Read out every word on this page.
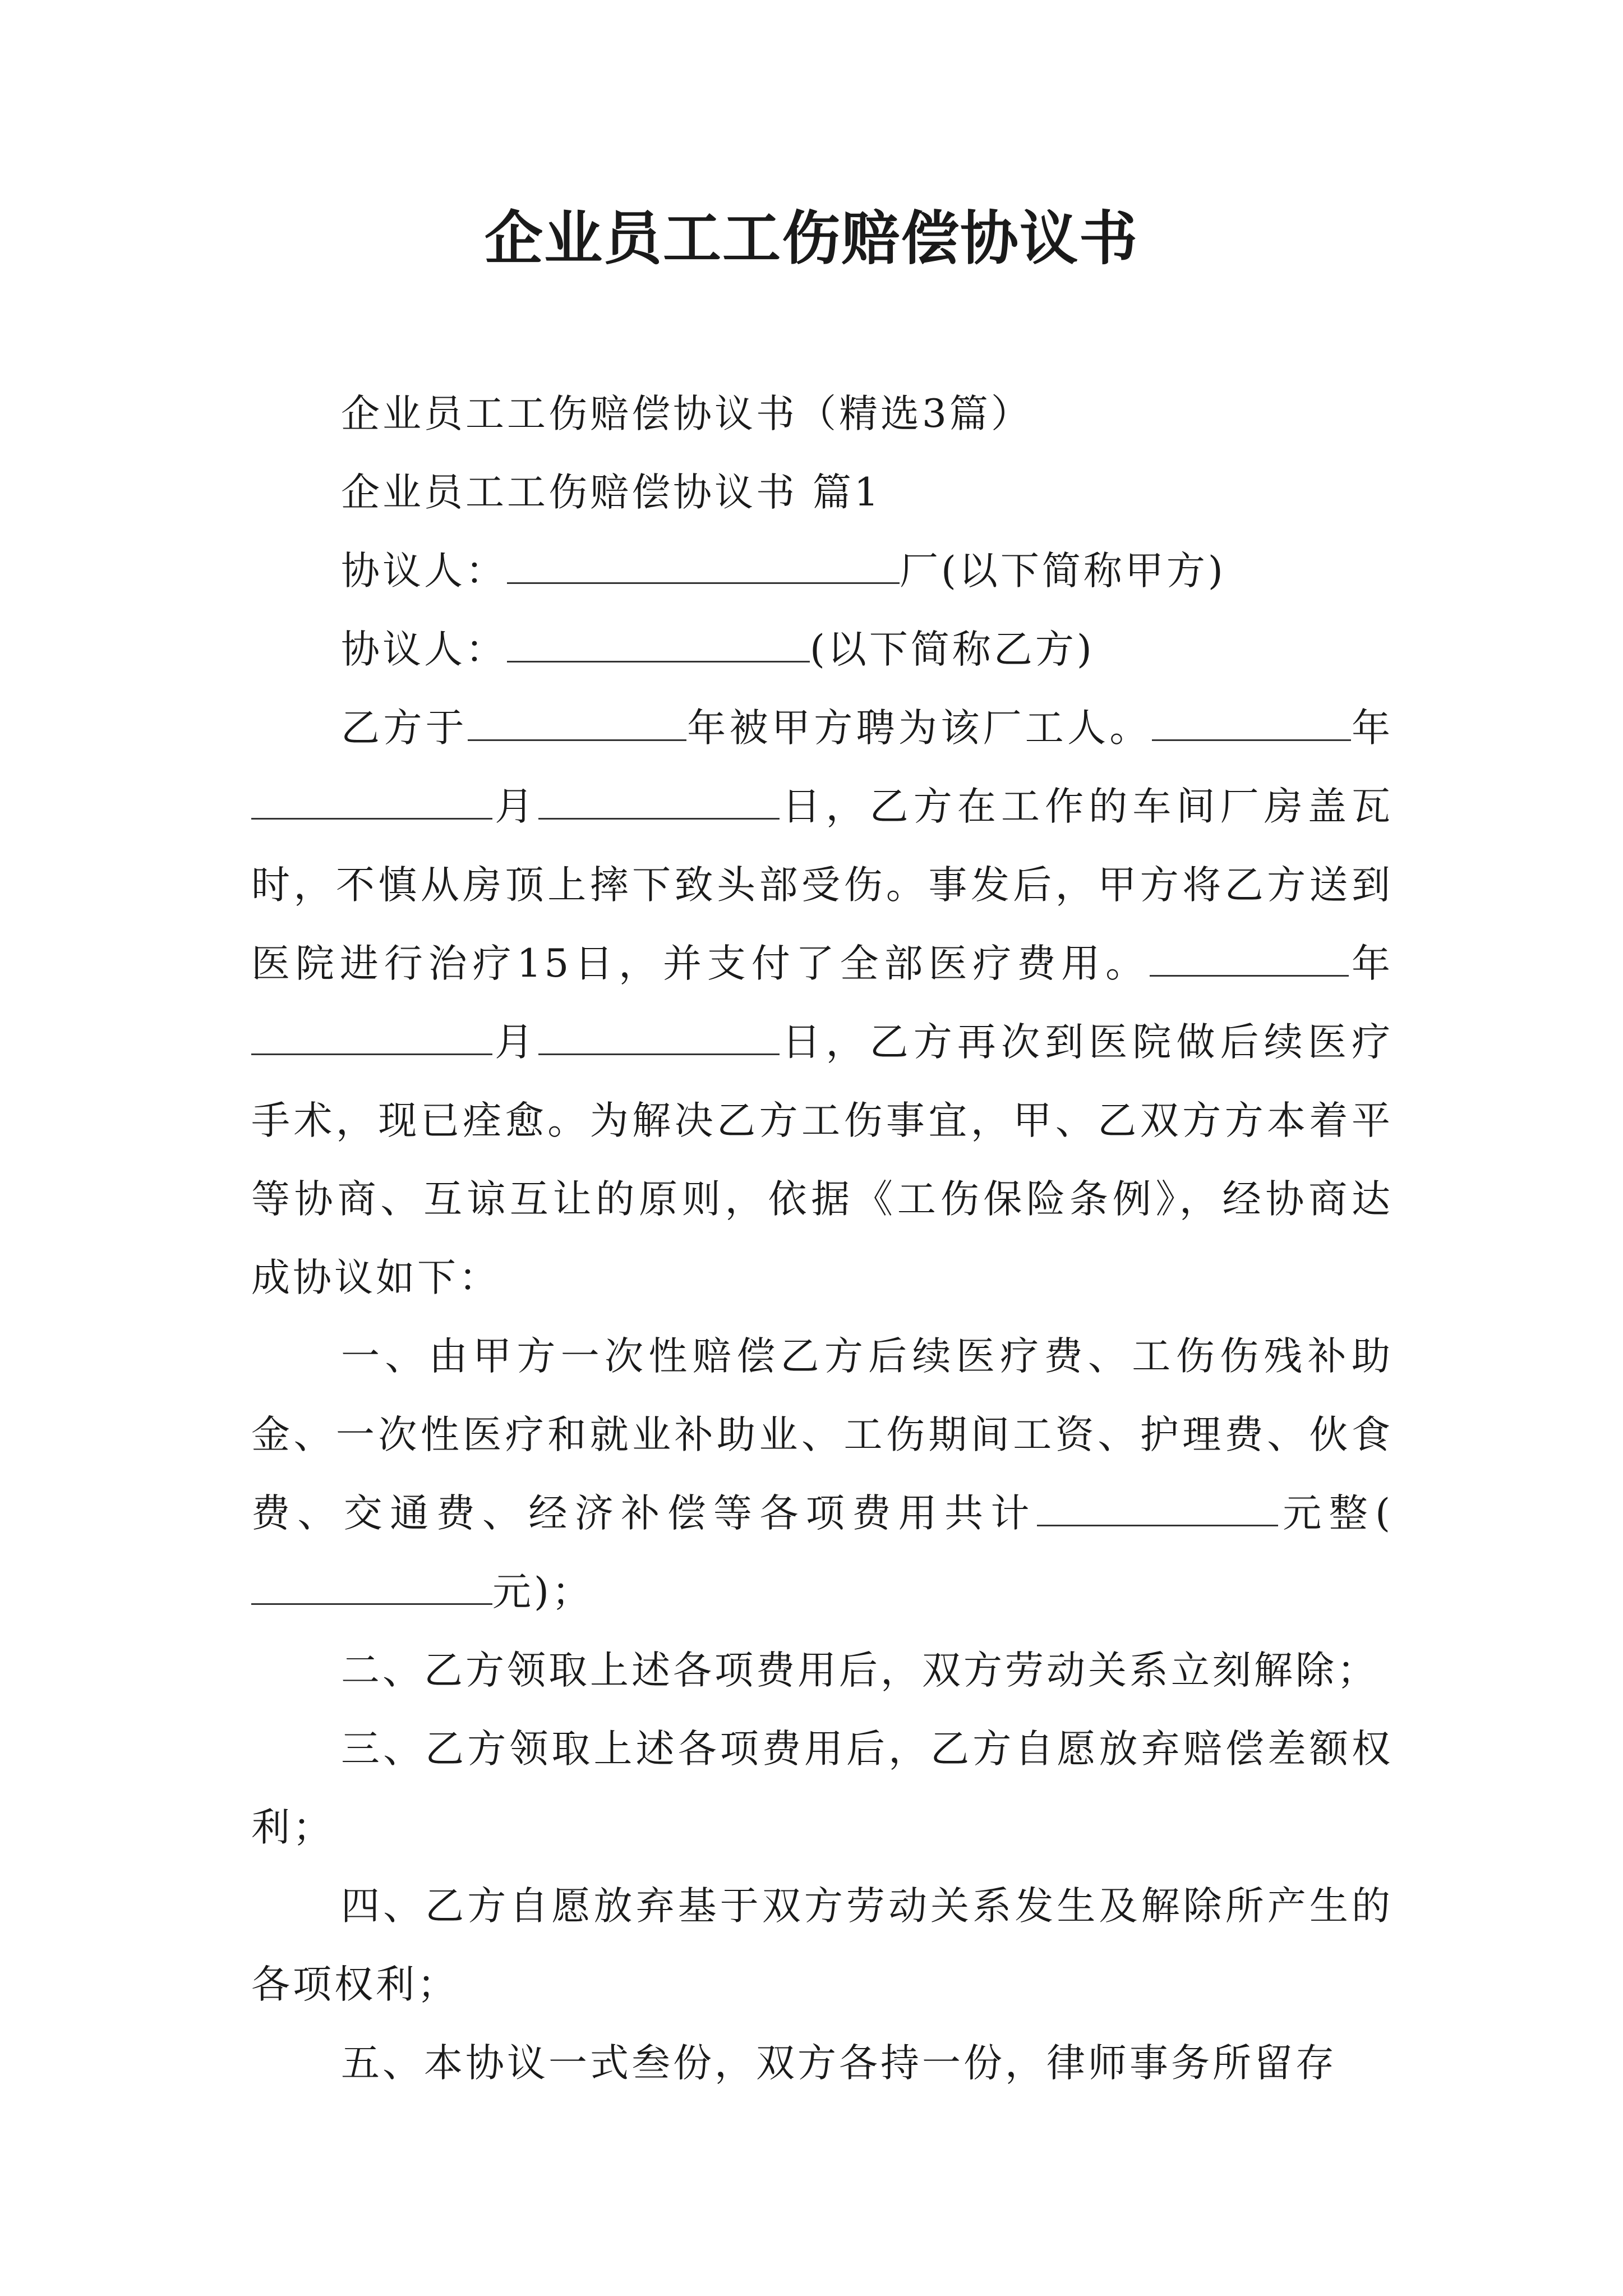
企业员工工伤赔偿协议书

企业员工工伤赔偿协议书（精选3篇）

企业员工工伤赔偿协议书 篇1

协议人：	厂(以下简称甲方)

协议人：	(以下简称乙方)

乙方于	年被甲方聘为该厂工人。	年月	日，乙方在工作的车间厂房盖瓦时，不慎从房顶上摔下致头部受伤。事发后，甲方将乙方送到医院进行治疗15日，并支付了全部医疗费用。	年月	日，乙方再次到医院做后续医疗手术，现已痊愈。为解决乙方工伤事宜，甲、乙双方方本着平等协商、互谅互让的原则，依据《工伤保险条例》，经协商达成协议如下：

一、由甲方一次性赔偿乙方后续医疗费、工伤伤残补助金、一次性医疗和就业补助业、工伤期间工资、护理费、伙食费、交通费、经济补偿等各项费用共计	元整(元)；

二、乙方领取上述各项费用后，双方劳动关系立刻解除；

三、乙方领取上述各项费用后，乙方自愿放弃赔偿差额权利；

四、乙方自愿放弃基于双方劳动关系发生及解除所产生的各项权利；

五、本协议一式叁份，双方各持一份，律师事务所留存
